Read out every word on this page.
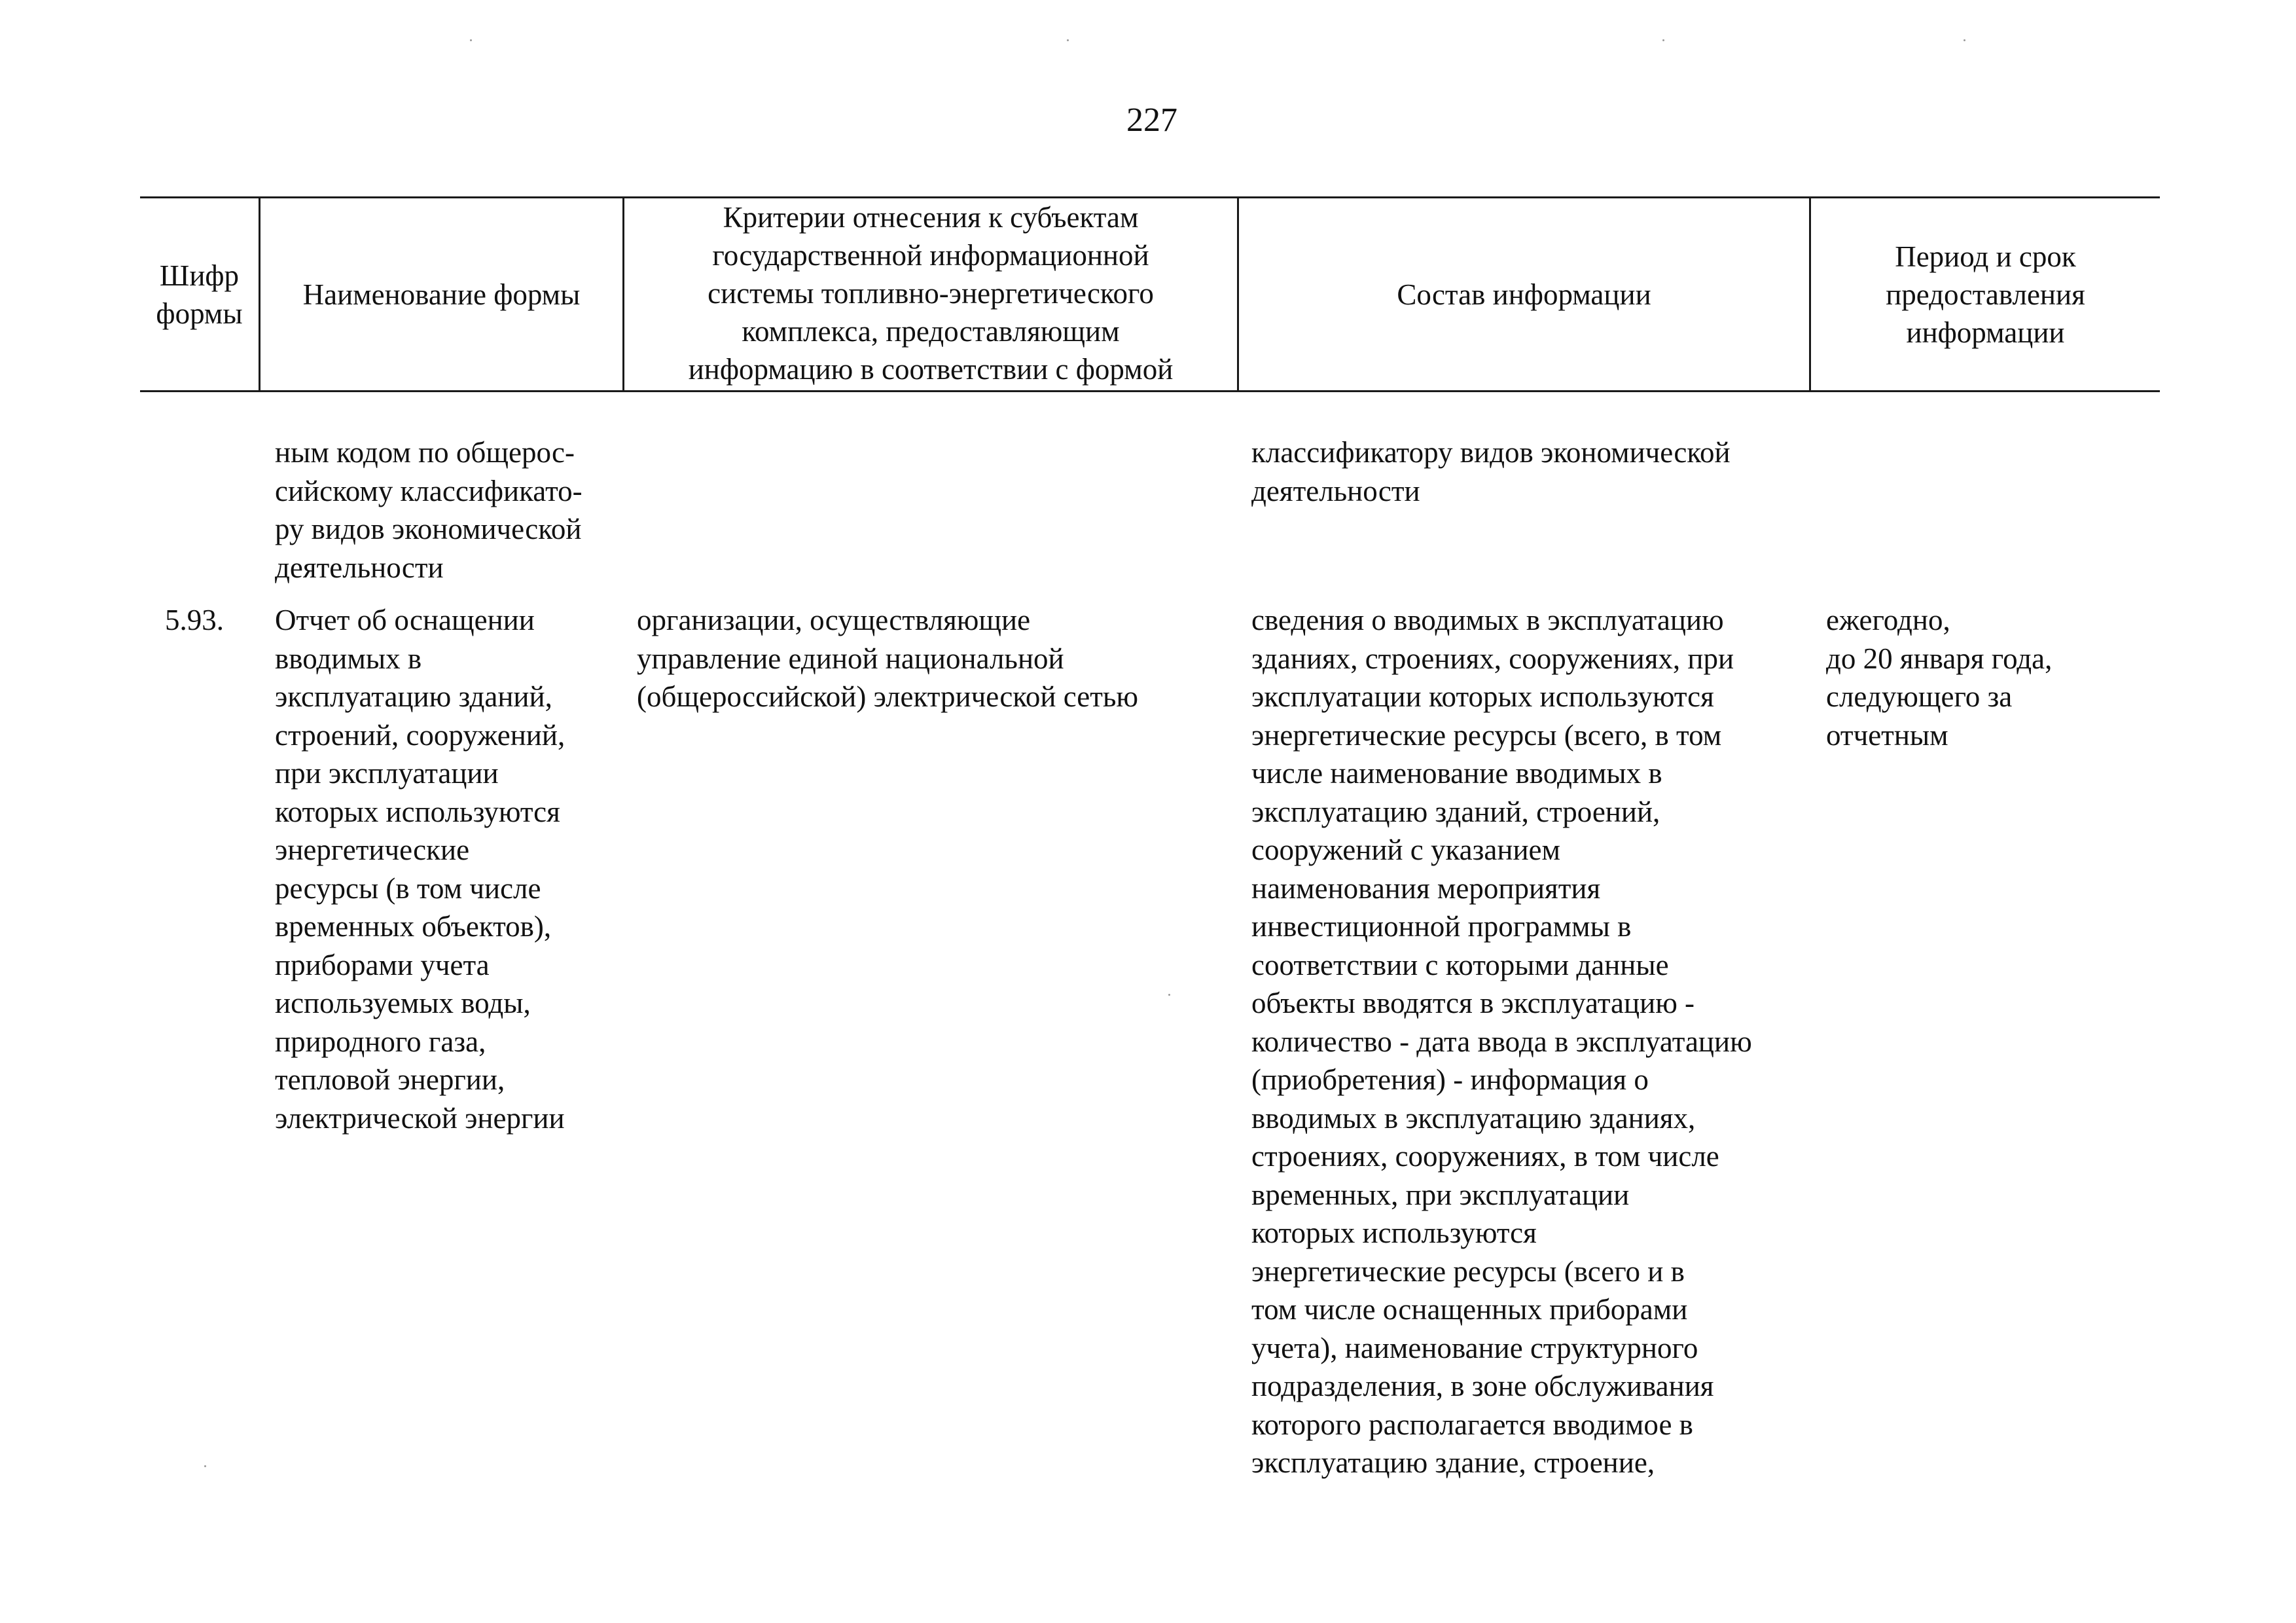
227
Шифр
формы
Наименование формы
Критерии отнесения к субъектам
государственной информационной
системы топливно-энергетического
комплекса, предоставляющим
информацию в соответствии с формой
Состав информации
Период и срок
предоставления
информации
ным кодом по общерос-
сийскому классификато-
ру видов экономической
деятельности
классификатору видов экономической
деятельности
5.93.	Отчет об оснащении
вводимых в
эксплуатацию зданий,
строений, сооружений,
при эксплуатации
которых используются
энергетические
ресурсы (в том числе
временных объектов),
приборами учета
используемых воды,
природного газа,
тепловой энергии,
электрической энергии
организации, осуществляющие
управление единой национальной
(общероссийской) электрической сетью
сведения о вводимых в эксплуатацию
зданиях, строениях, сооружениях, при
эксплуатации которых используются
энергетические ресурсы (всего, в том
числе наименование вводимых в
эксплуатацию зданий, строений,
сооружений с указанием
наименования мероприятия
инвестиционной программы в
соответствии с которыми данные
объекты вводятся в эксплуатацию -
количество - дата ввода в эксплуатацию
(приобретения) - информация о
вводимых в эксплуатацию зданиях,
строениях, сооружениях, в том числе
временных, при эксплуатации
которых используются
энергетические ресурсы (всего и в
том числе оснащенных приборами
учета), наименование структурного
подразделения, в зоне обслуживания
которого располагается вводимое в
эксплуатацию здание, строение,
ежегодно,
до 20 января года,
следующего за
отчетным
